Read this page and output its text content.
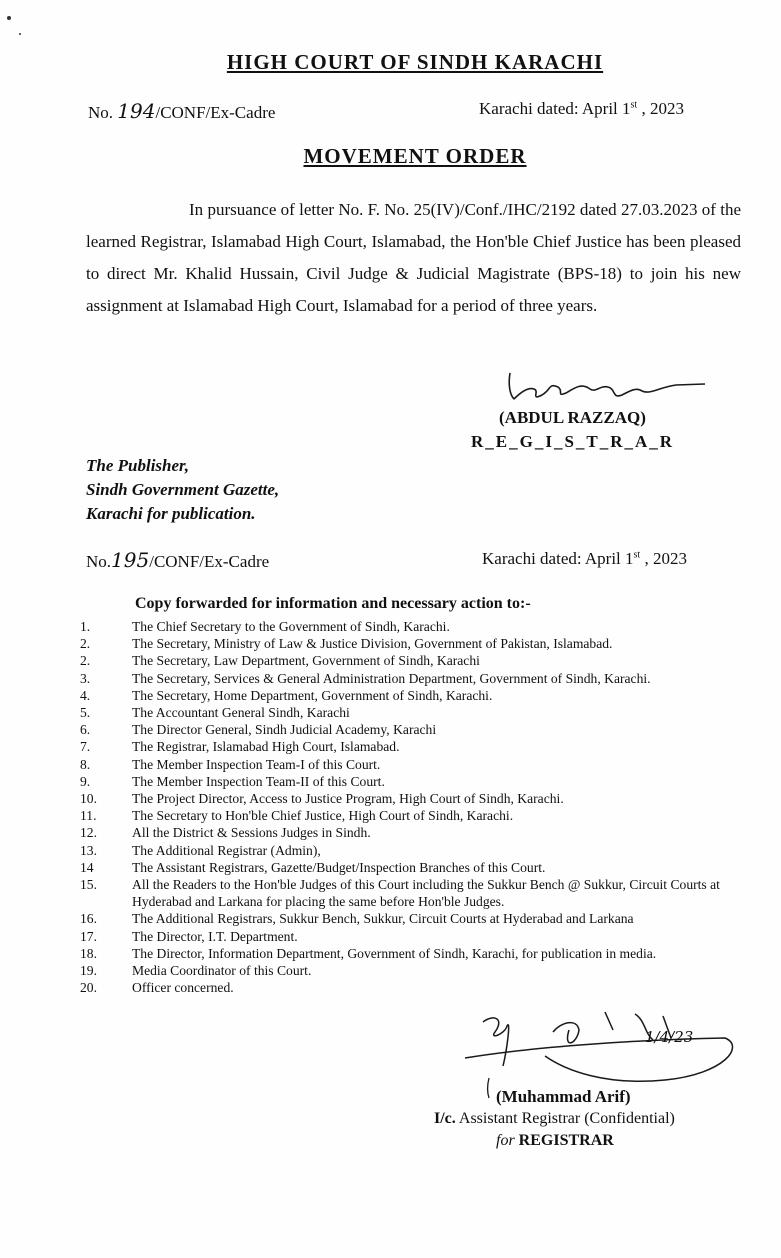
HIGH COURT OF SINDH KARACHI
No. 194/CONF/Ex-Cadre	Karachi dated: April 1st , 2023
MOVEMENT ORDER
In pursuance of letter No. F. No. 25(IV)/Conf./IHC/2192 dated 27.03.2023 of the learned Registrar, Islamabad High Court, Islamabad, the Hon'ble Chief Justice has been pleased to direct Mr. Khalid Hussain, Civil Judge & Judicial Magistrate (BPS-18) to join his new assignment at Islamabad High Court, Islamabad for a period of three years.
(ABDUL RAZZAQ)
R_E_G_I_S_T_R_A_R
The Publisher,
Sindh Government Gazette,
Karachi for publication.
No.195/CONF/Ex-Cadre	Karachi dated: April 1st , 2023
Copy forwarded for information and necessary action to:-
1.	The Chief Secretary to the Government of Sindh, Karachi.
2.	The Secretary, Ministry of Law & Justice Division, Government of Pakistan, Islamabad.
2.	The Secretary, Law Department, Government of Sindh, Karachi
3.	The Secretary, Services & General Administration Department, Government of Sindh, Karachi.
4.	The Secretary, Home Department, Government of Sindh, Karachi.
5.	The Accountant General Sindh, Karachi
6.	The Director General, Sindh Judicial Academy, Karachi
7.	The Registrar, Islamabad High Court, Islamabad.
8.	The Member Inspection Team-I of this Court.
9.	The Member Inspection Team-II of this Court.
10.	The Project Director, Access to Justice Program, High Court of Sindh, Karachi.
11.	The Secretary to Hon'ble Chief Justice, High Court of Sindh, Karachi.
12.	All the District & Sessions Judges in Sindh.
13.	The Additional Registrar (Admin),
14	The Assistant Registrars, Gazette/Budget/Inspection Branches of this Court.
15.	All the Readers to the Hon'ble Judges of this Court including the Sukkur Bench @ Sukkur, Circuit Courts at Hyderabad and Larkana for placing the same before Hon'ble Judges.
16.	The Additional Registrars, Sukkur Bench, Sukkur, Circuit Courts at Hyderabad and Larkana
17.	The Director, I.T. Department.
18.	The Director, Information Department, Government of Sindh, Karachi, for publication in media.
19.	Media Coordinator of this Court.
20.	Officer concerned.
1/4/23
(Muhammad Arif)
I/c. Assistant Registrar (Confidential)
for REGISTRAR
